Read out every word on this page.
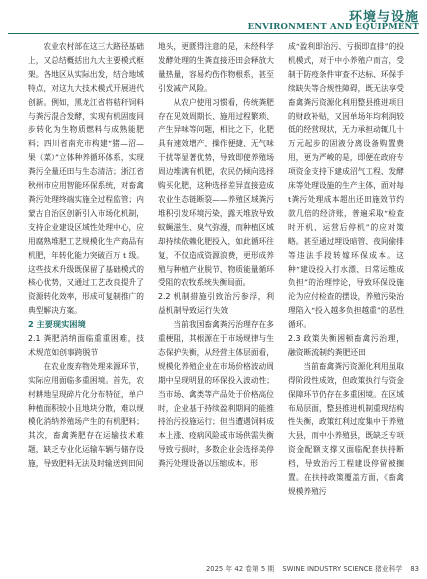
环境与设施
ENVIRONMENT AND EQUIPMENT

农业农村部在这三大路径基础上，又总结概括出九大主要模式框架。各地区从实际出发，结合地域特点，对这九大技术模式开展进代创新。例如，黑龙江省将秸秆饲料与粪污混合发酵，实现有机固废同步转化为生物质燃料与成熟能肥料；四川省南充市构建“猪—沼—果（菜）”立体种养循环体系，实现粪污全量还田与生态清洁；浙江省秋州市应用智能环保系统，对畜禽粪污处理终端实施全过程监管；内蒙古自治区创新引入市场化机制，支持企业建设区域性处理中心，应用腐熟堆肥工艺规模化生产商品有机肥，年转化能力突破百万 t 级。这些技术升级既保留了基础模式的核心优势，又通过工艺改良提升了资源转化效率，形成可复制推广的典型解决方案。

2 主要现实困境
2.1 粪肥消纳面临重重困难，技术规范如创事跨脱节

在农业废弃物处理来源环节，实际应用面临多重困境。首先，农村耕地呈现碎片化分布特征，单户种植面积较小且地块分散，难以规模化消纳养殖场产生的有机肥料；其次，畜禽粪肥存在运输技术难题，缺乏专业化运输车辆与储存设施，导致肥料无法及时输送到田间

地头，更匮得注意的是，未经科学发酵处理的生粪直接还田会释放大量热量，容易灼伤作物根系，甚至引发减产风险。

从农户使用习惯看，传统粪肥存在见效周期长、施用过程繁琐、产生异味等问题，相比之下，化肥具有速效增产、操作便捷、无气味干扰等显著优势，导致即使养殖场周边堆满有机肥，农民仍倾向选择购买化肥，这种选择差异直接造成农业生态链断裂——养殖区域粪污堆积引发环境污染，露天堆放导致蚊蝇滋生、臭气弥漫，而种植区域却持续依赖化肥投入，如此循环往复，不仅造成资源浪费，更形成养殖与种植产业脱节、物质能量循环受阻的农牧系统失衡局面。

2.2 机制措施引致治污参浮，利益机制导致运行失效

当前我国畜禽粪污治理存在多重梗阻，其根源在于市场规律与生态保护失衡，从经营主体层面看，规模化养殖企业在市场价格波动周期中呈现明显的环保投入波动性；当市场、禽类等产品处于价格高位时，企业基于持续盈利期间的能推持治污投施运行；但当遭遇饲料成本上涨、疫病风险或市场供需失衡导致亏损时，多数企业会选择美停粪污处理设备以压缩成本。形

成“盈利即治污、亏损即直排”的投机模式，对于中小养殖户而言，受制于防疫条件审查不达标、环保手续缺失等合规性障碍，既无法享受畜禽粪污资源化利用整县推进项目的财政补贴，又因单场年均利润较低的经营现状，无力承担动辄几十万元起步的固液分离设备购置费用，更为严峻的是，即便在政府专项资金支持下建成沼气工程、发酵床等处理设施的生产主体，面对每t粪污处理成本超出还田施效节约款几倍的经济账，普遍采取“检查时开机、运营后停机”的应对策略。甚至通过埋设暗管、夜间偷排等违法手段转嫁环保成本。这种“建设投入打水漂、日常运维成负担”的治理悖论，导致环保设施沦为应付检查的摆设，养殖污染治理陷入“投入越多负担越重”的恶性循环。

2.3 政策失衡困顿畜禽污治理，融资断流制约粪肥还田

当前畜禽粪污资源化利用虽取得阶段性成效，但政策执行与资金保障环节仍存在多重困境。在区域布局层面，整县推进机制重现结构性失衡，政策红利过度集中于养殖大县，而中小养殖县，既缺乏专项资金配额支撑又面临配套扶持断档，导致治污工程建设停留被搁置。在扶持政策覆盖方面，《畜禽规模养殖污

2025 年 42 卷第 5 期 SWINE INDUSTRY SCIENCE 猪业科学 83
